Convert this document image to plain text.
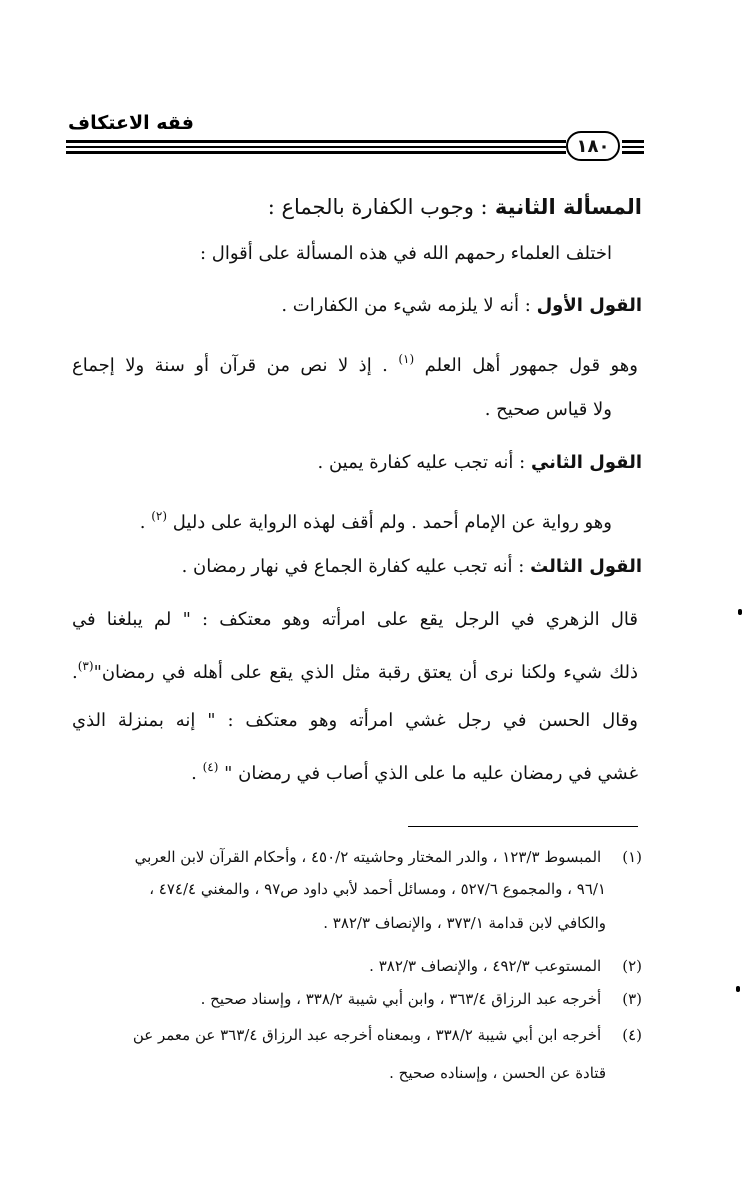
فقه الاعتكاف
١٨٠
المسألة الثانية : وجوب الكفارة بالجماع :
اختلف العلماء رحمهم الله في هذه المسألة على أقوال :
القول الأول : أنه لا يلزمه شيء من الكفارات .
وهو قول جمهور أهل العلم $^{(١)}$ . إذ لا نص من قرآن أو سنة ولا إجماع
ولا قياس صحيح .
القول الثاني : أنه تجب عليه كفارة يمين .
وهو رواية عن الإمام أحمد . ولم أقف لهذه الرواية على دليل $^{(٢)}$ .
القول الثالث : أنه تجب عليه كفارة الجماع في نهار رمضان .
قال الزهري في الرجل يقع على امرأته وهو معتكف : " لم يبلغنا في
ذلك شيء ولكنا نرى أن يعتق رقبة مثل الذي يقع على أهله في رمضان"$^{(٣)}$.
وقال الحسن في رجل غشي امرأته وهو معتكف : " إنه بمنزلة الذي
غشي في رمضان عليه ما على الذي أصاب في رمضان " $^{(٤)}$ .
(١) المبسوط ١٢٣/٣ ، والدر المختار وحاشيته ٤٥٠/٢ ، وأحكام القرآن لابن العربي
٩٦/١ ، والمجموع ٥٢٧/٦ ، ومسائل أحمد لأبي داود ص٩٧ ، والمغني ٤٧٤/٤ ،
والكافي لابن قدامة ٣٧٣/١ ، والإنصاف ٣٨٢/٣ .
(٢) المستوعب ٤٩٢/٣ ، والإنصاف ٣٨٢/٣ .
(٣) أخرجه عبد الرزاق ٣٦٣/٤ ، وابن أبي شيبة ٣٣٨/٢ ، وإسناد صحيح .
(٤) أخرجه ابن أبي شيبة ٣٣٨/٢ ، وبمعناه أخرجه عبد الرزاق ٣٦٣/٤ عن معمر عن
قتادة عن الحسن ، وإسناده صحيح .
